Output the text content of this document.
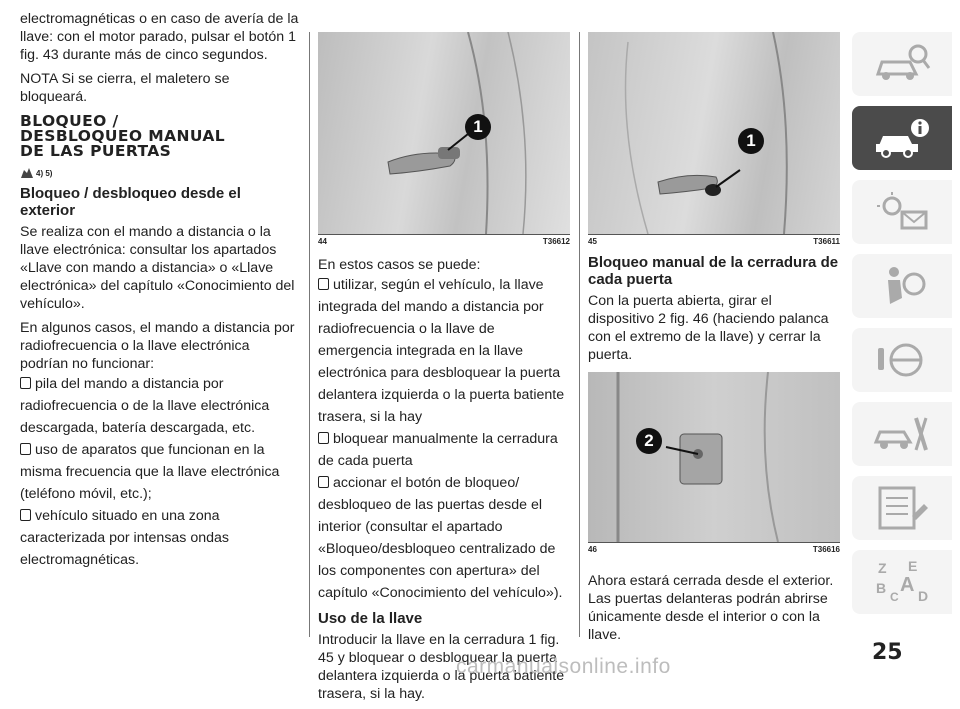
electromagnéticas o en caso de avería de la llave: con el motor parado, pulsar el botón 1 fig. 43 durante más de cinco segundos.

NOTA Si se cierra, el maletero se bloqueará.

BLOQUEO /
DESBLOQUEO MANUAL
DE LAS PUERTAS
4) 5)
Bloqueo / desbloqueo desde el exterior

Se realiza con el mando a distancia o la llave electrónica: consultar los apartados «Llave con mando a distancia» o «Llave electrónica» del capítulo «Conocimiento del vehículo».

En algunos casos, el mando a distancia por radiofrecuencia o la llave electrónica podrían no funcionar:

pila del mando a distancia por radiofrecuencia o de la llave electrónica descargada, batería descargada, etc.
uso de aparatos que funcionan en la misma frecuencia que la llave electrónica (teléfono móvil, etc.);
vehículo situado en una zona caracterizada por intensas ondas electromagnéticas.
1
44	T36612

En estos casos se puede:

utilizar, según el vehículo, la llave integrada del mando a distancia por radiofrecuencia o la llave de emergencia integrada en la llave electrónica para desbloquear la puerta delantera izquierda o la puerta batiente trasera, si la hay
bloquear manualmente la cerradura de cada puerta
accionar el botón de bloqueo/ desbloqueo de las puertas desde el interior (consultar el apartado «Bloqueo/desbloqueo centralizado de los componentes con apertura» del capítulo «Conocimiento del vehículo»).
Uso de la llave

Introducir la llave en la cerradura 1 fig. 45 y bloquear o desbloquear la puerta delantera izquierda o la puerta batiente trasera, si la hay.

1
45	T36611
Bloqueo manual de la cerradura de cada puerta

Con la puerta abierta, girar el dispositivo 2 fig. 46 (haciendo palanca con el extremo de la llave) y cerrar la puerta.

2
46	T36616

Ahora estará cerrada desde el exterior. Las puertas delanteras podrán abrirse únicamente desde el interior o con la llave.

Z E
B A
C D
25
carmanualsonline.info
